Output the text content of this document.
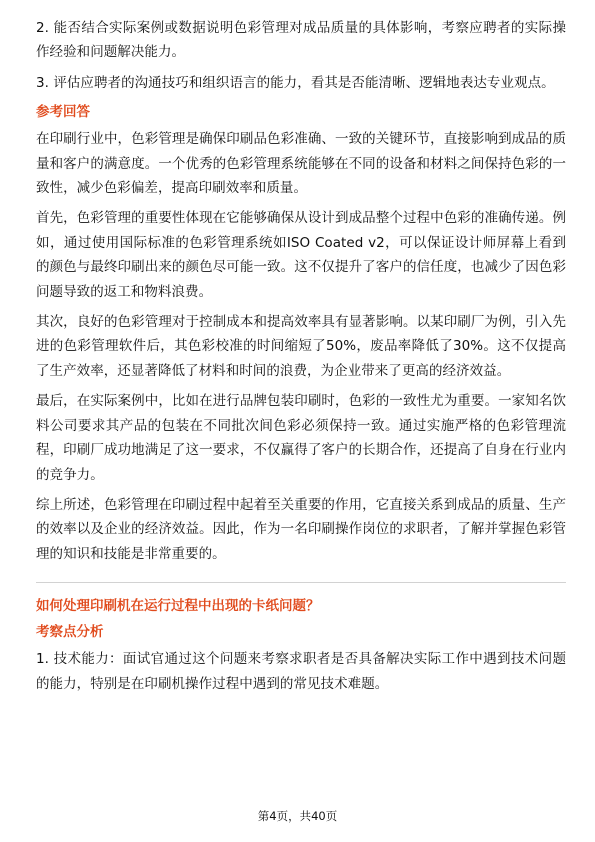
2. 能否结合实际案例或数据说明色彩管理对成品质量的具体影响，考察应聘者的实际操作经验和问题解决能力。
3. 评估应聘者的沟通技巧和组织语言的能力，看其是否能清晰、逻辑地表达专业观点。
参考回答
在印刷行业中，色彩管理是确保印刷品色彩准确、一致的关键环节，直接影响到成品的质量和客户的满意度。一个优秀的色彩管理系统能够在不同的设备和材料之间保持色彩的一致性，减少色彩偏差，提高印刷效率和质量。
首先，色彩管理的重要性体现在它能够确保从设计到成品整个过程中色彩的准确传递。例如，通过使用国际标准的色彩管理系统如ISO Coated v2，可以保证设计师屏幕上看到的颜色与最终印刷出来的颜色尽可能一致。这不仅提升了客户的信任度，也减少了因色彩问题导致的返工和物料浪费。
其次，良好的色彩管理对于控制成本和提高效率具有显著影响。以某印刷厂为例，引入先进的色彩管理软件后，其色彩校准的时间缩短了50%，废品率降低了30%。这不仅提高了生产效率，还显著降低了材料和时间的浪费，为企业带来了更高的经济效益。
最后，在实际案例中，比如在进行品牌包装印刷时，色彩的一致性尤为重要。一家知名饮料公司要求其产品的包装在不同批次间色彩必须保持一致。通过实施严格的色彩管理流程，印刷厂成功地满足了这一要求，不仅赢得了客户的长期合作，还提高了自身在行业内的竞争力。
综上所述，色彩管理在印刷过程中起着至关重要的作用，它直接关系到成品的质量、生产的效率以及企业的经济效益。因此，作为一名印刷操作岗位的求职者，了解并掌握色彩管理的知识和技能是非常重要的。
如何处理印刷机在运行过程中出现的卡纸问题？
考察点分析
1. 技术能力：面试官通过这个问题来考察求职者是否具备解决实际工作中遇到技术问题的能力，特别是在印刷机操作过程中遇到的常见技术难题。
第4页，共40页
